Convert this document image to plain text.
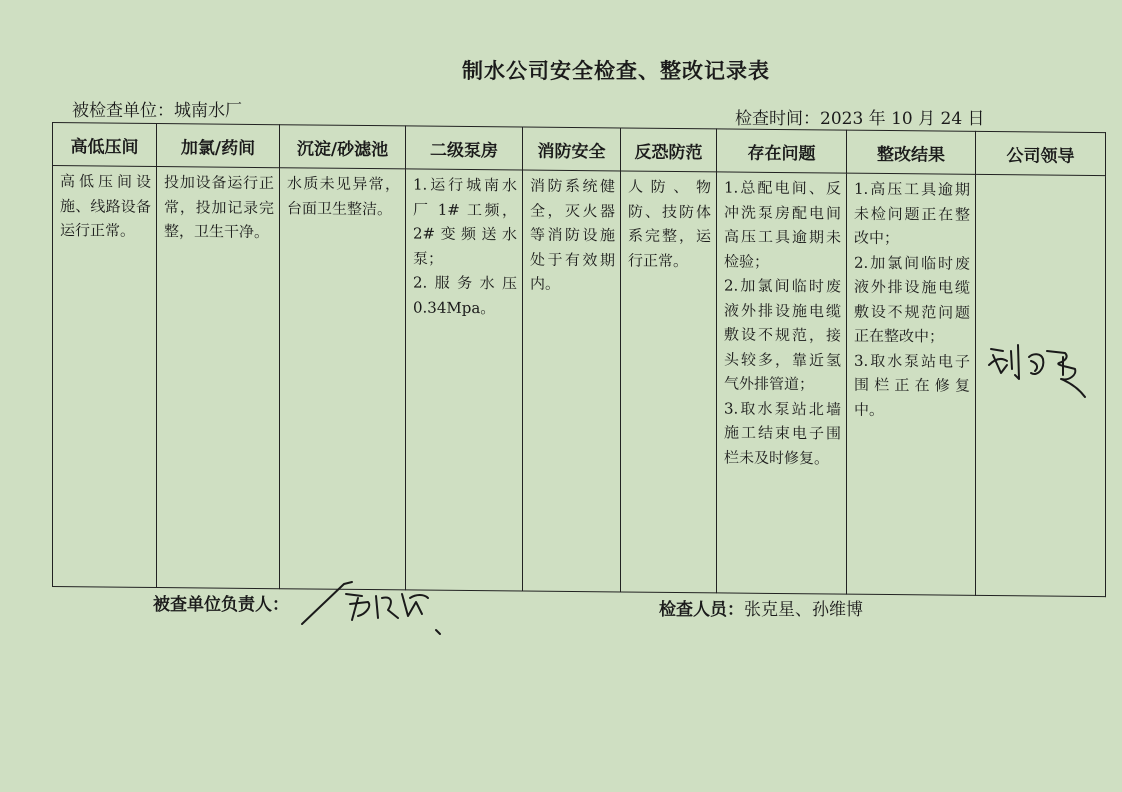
制水公司安全检查、整改记录表
被检查单位：城南水厂	检查时间：2023 年 10 月 24 日
高低压间	加氯/药间	沉淀/砂滤池	二级泵房	消防安全	反恐防范	存在问题	整改结果	公司领导

高低压间设施、线路设备运行正常。	投加设备运行正常，投加记录完整，卫生干净。	水质未见异常，台面卫生整洁。	1.运行城南水厂 1# 工频，2#变频送水泵；
2.服务水压0.34Mpa。	消防系统健全，灭火器等消防设施处于有效期内。	人防、物防、技防体系完整，运行正常。	1.总配电间、反冲洗泵房配电间高压工具逾期未检验；
2.加氯间临时废液外排设施电缆敷设不规范，接头较多，靠近氢气外排管道；
3.取水泵站北墙施工结束电子围栏未及时修复。	1.高压工具逾期未检问题正在整改中；
2.加氯间临时废液外排设施电缆敷设不规范问题正在整改中；
3.取水泵站电子围栏正在修复中。	

被查单位负责人：	检查人员：张克星、孙维博
